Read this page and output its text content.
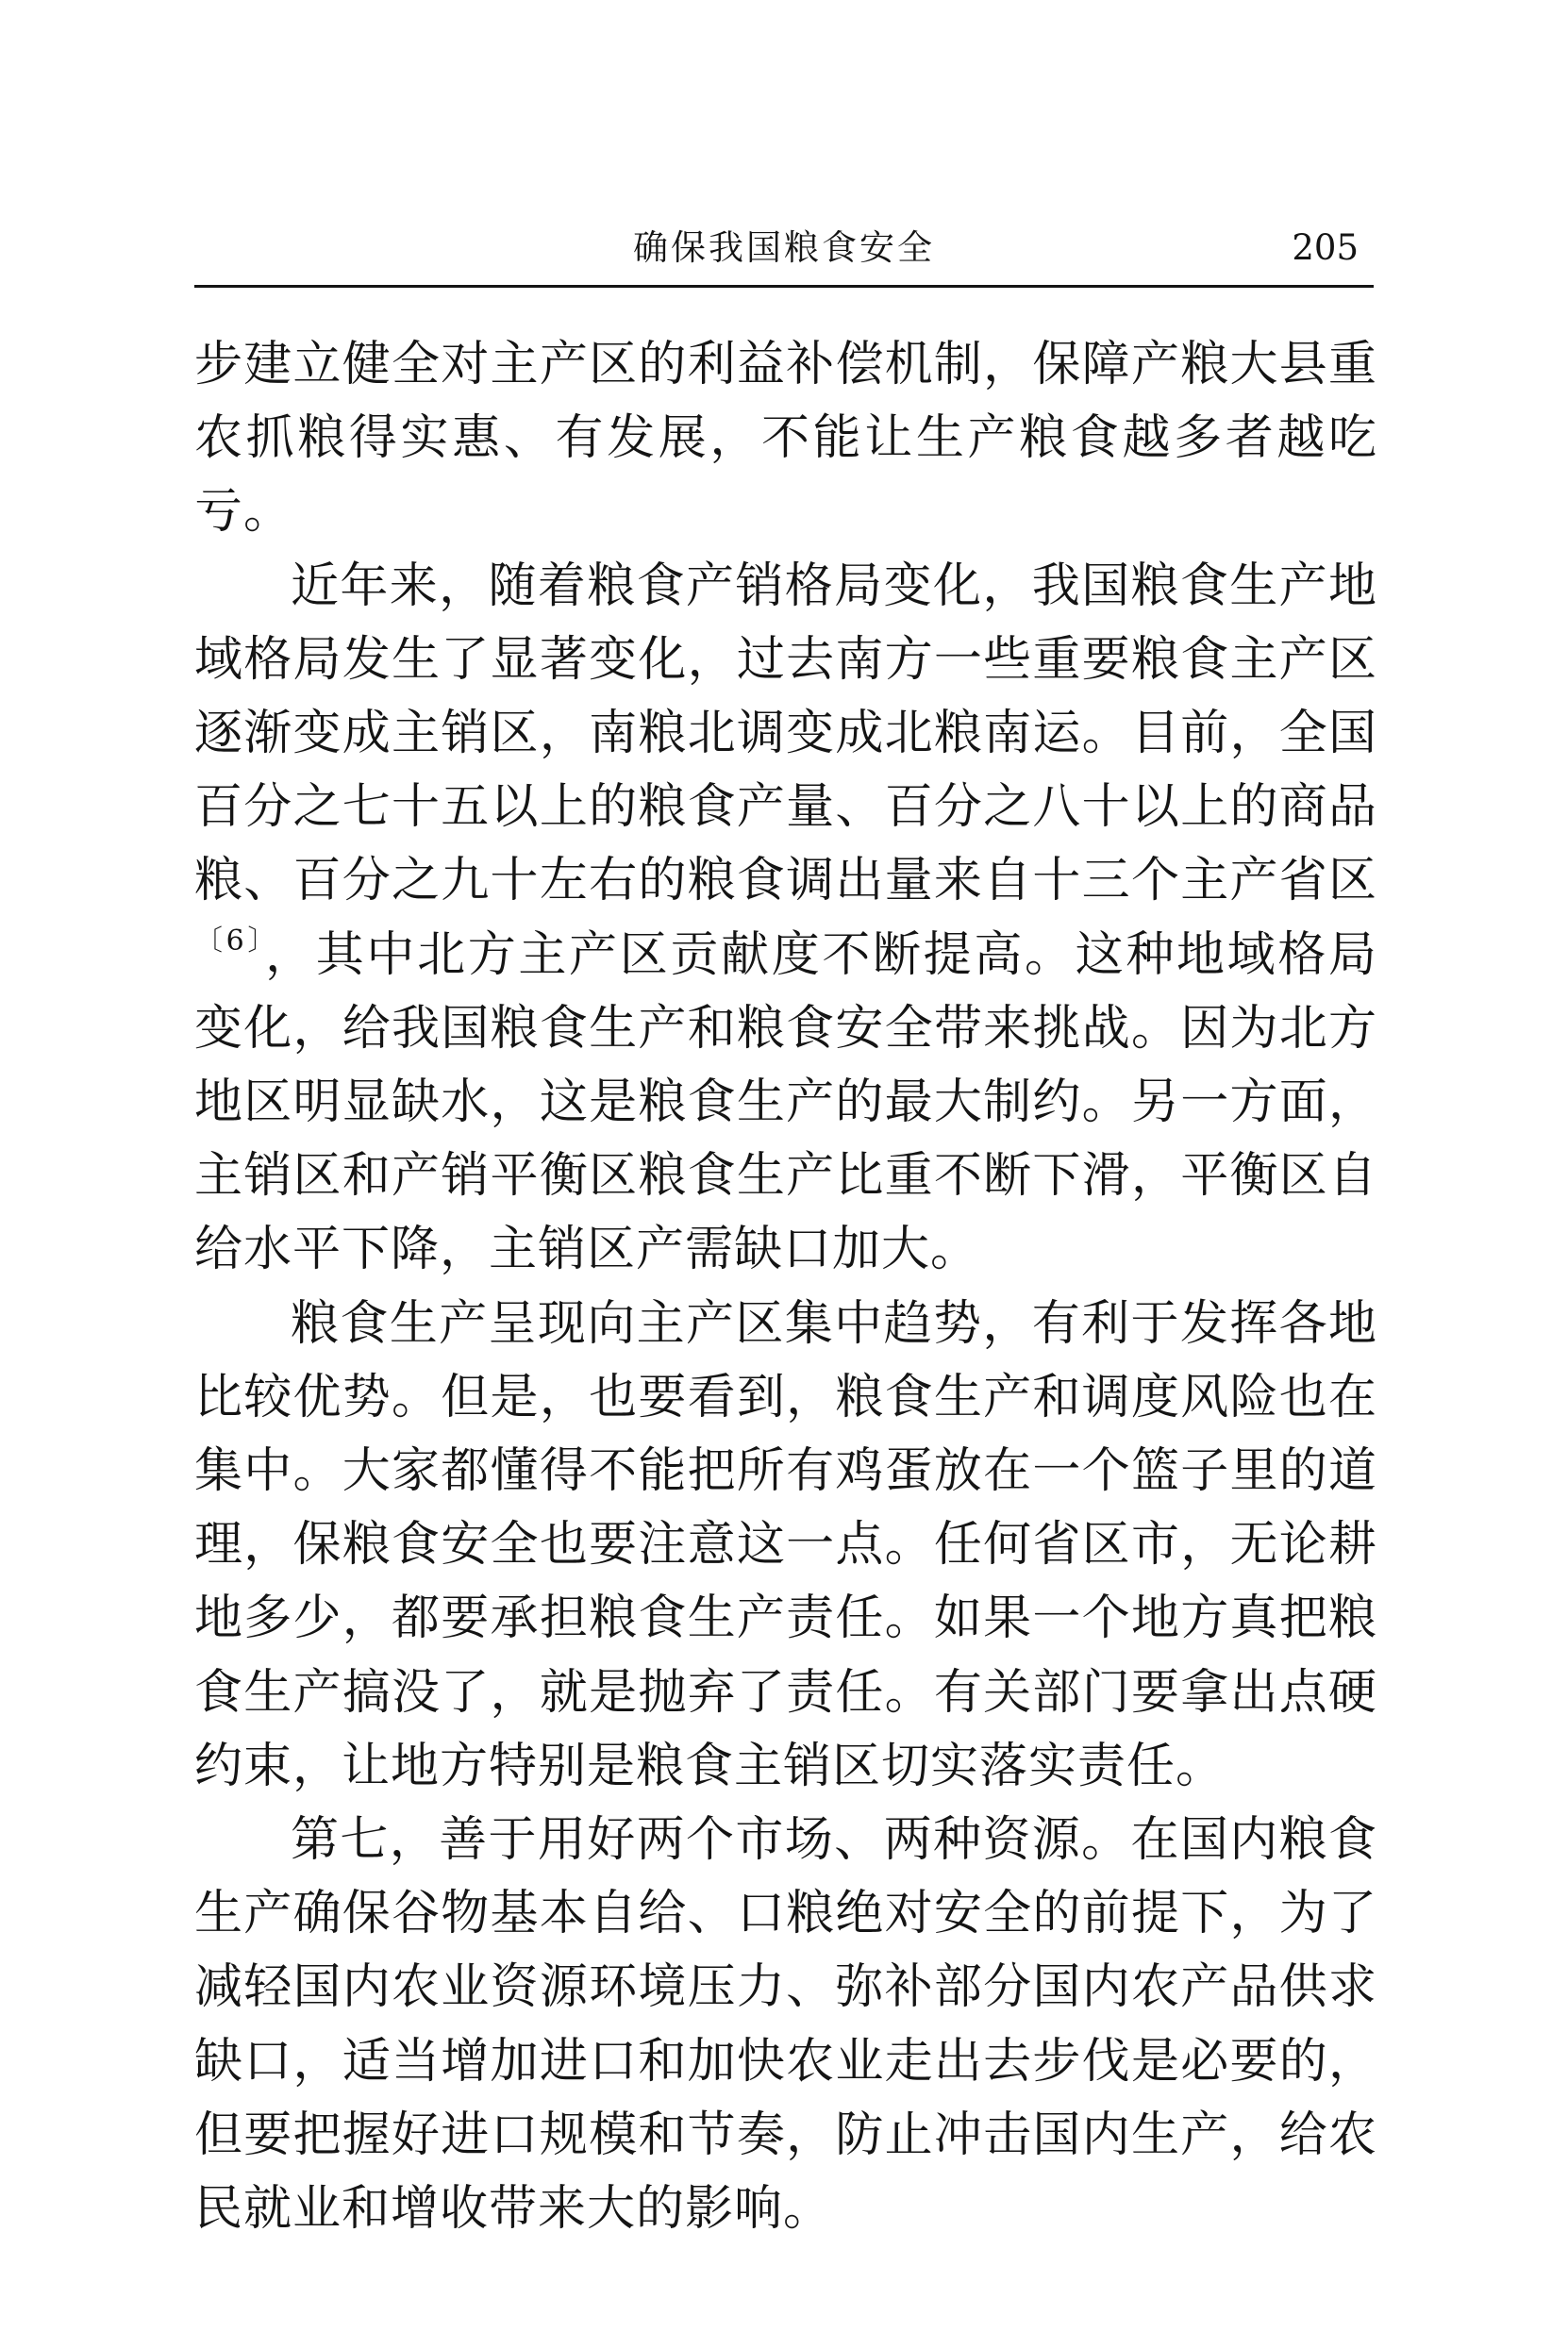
确保我国粮食安全	205

步建立健全对主产区的利益补偿机制，保障产粮大县重农抓粮得实惠、有发展，不能让生产粮食越多者越吃亏。

近年来，随着粮食产销格局变化，我国粮食生产地域格局发生了显著变化，过去南方一些重要粮食主产区逐渐变成主销区，南粮北调变成北粮南运。目前，全国百分之七十五以上的粮食产量、百分之八十以上的商品粮、百分之九十左右的粮食调出量来自十三个主产省区$^{〔6〕}$，其中北方主产区贡献度不断提高。这种地域格局变化，给我国粮食生产和粮食安全带来挑战。因为北方地区明显缺水，这是粮食生产的最大制约。另一方面，主销区和产销平衡区粮食生产比重不断下滑，平衡区自给水平下降，主销区产需缺口加大。

粮食生产呈现向主产区集中趋势，有利于发挥各地比较优势。但是，也要看到，粮食生产和调度风险也在集中。大家都懂得不能把所有鸡蛋放在一个篮子里的道理，保粮食安全也要注意这一点。任何省区市，无论耕地多少，都要承担粮食生产责任。如果一个地方真把粮食生产搞没了，就是抛弃了责任。有关部门要拿出点硬约束，让地方特别是粮食主销区切实落实责任。

第七，善于用好两个市场、两种资源。在国内粮食生产确保谷物基本自给、口粮绝对安全的前提下，为了减轻国内农业资源环境压力、弥补部分国内农产品供求缺口，适当增加进口和加快农业走出去步伐是必要的，但要把握好进口规模和节奏，防止冲击国内生产，给农民就业和增收带来大的影响。
